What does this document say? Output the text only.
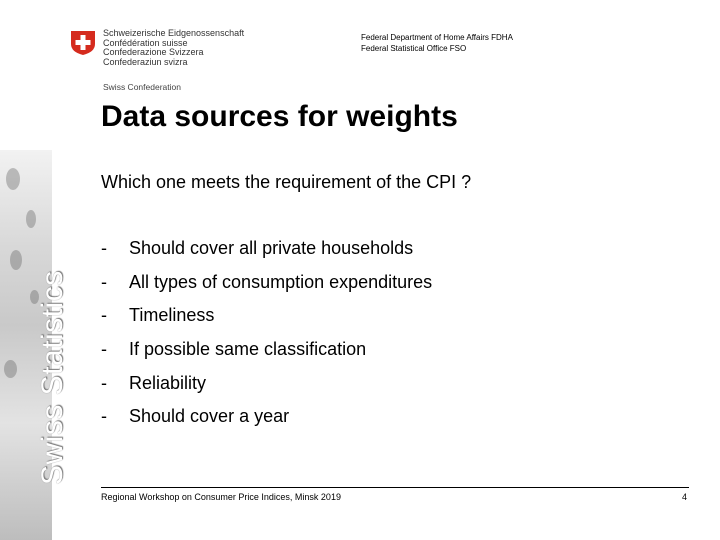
Swiss Statistics
Schweizerische Eidgenossenschaft
Confédération suisse
Confederazione Svizzera
Confederaziun svizra
Swiss Confederation
Federal Department of Home Affairs FDHA
Federal Statistical Office FSO
Data sources for weights
Which one meets the requirement of the CPI ?
- Should cover all private households
- All types of consumption expenditures
- Timeliness
- If possible same classification
- Reliability
- Should cover a year
Regional Workshop on Consumer Price Indices, Minsk 2019	4
